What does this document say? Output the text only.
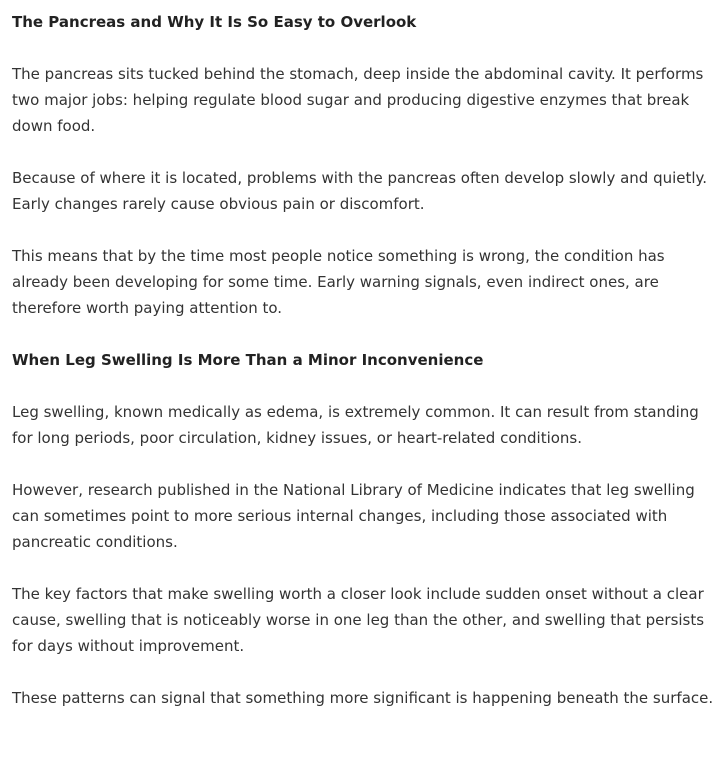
The Pancreas and Why It Is So Easy to Overlook

The pancreas sits tucked behind the stomach, deep inside the abdominal cavity. It performs two major jobs: helping regulate blood sugar and producing digestive enzymes that break down food.

Because of where it is located, problems with the pancreas often develop slowly and quietly. Early changes rarely cause obvious pain or discomfort.

This means that by the time most people notice something is wrong, the condition has already been developing for some time. Early warning signals, even indirect ones, are therefore worth paying attention to.

When Leg Swelling Is More Than a Minor Inconvenience

Leg swelling, known medically as edema, is extremely common. It can result from standing for long periods, poor circulation, kidney issues, or heart-related conditions.

However, research published in the National Library of Medicine indicates that leg swelling can sometimes point to more serious internal changes, including those associated with pancreatic conditions.

The key factors that make swelling worth a closer look include sudden onset without a clear cause, swelling that is noticeably worse in one leg than the other, and swelling that persists for days without improvement.

These patterns can signal that something more significant is happening beneath the surface.
